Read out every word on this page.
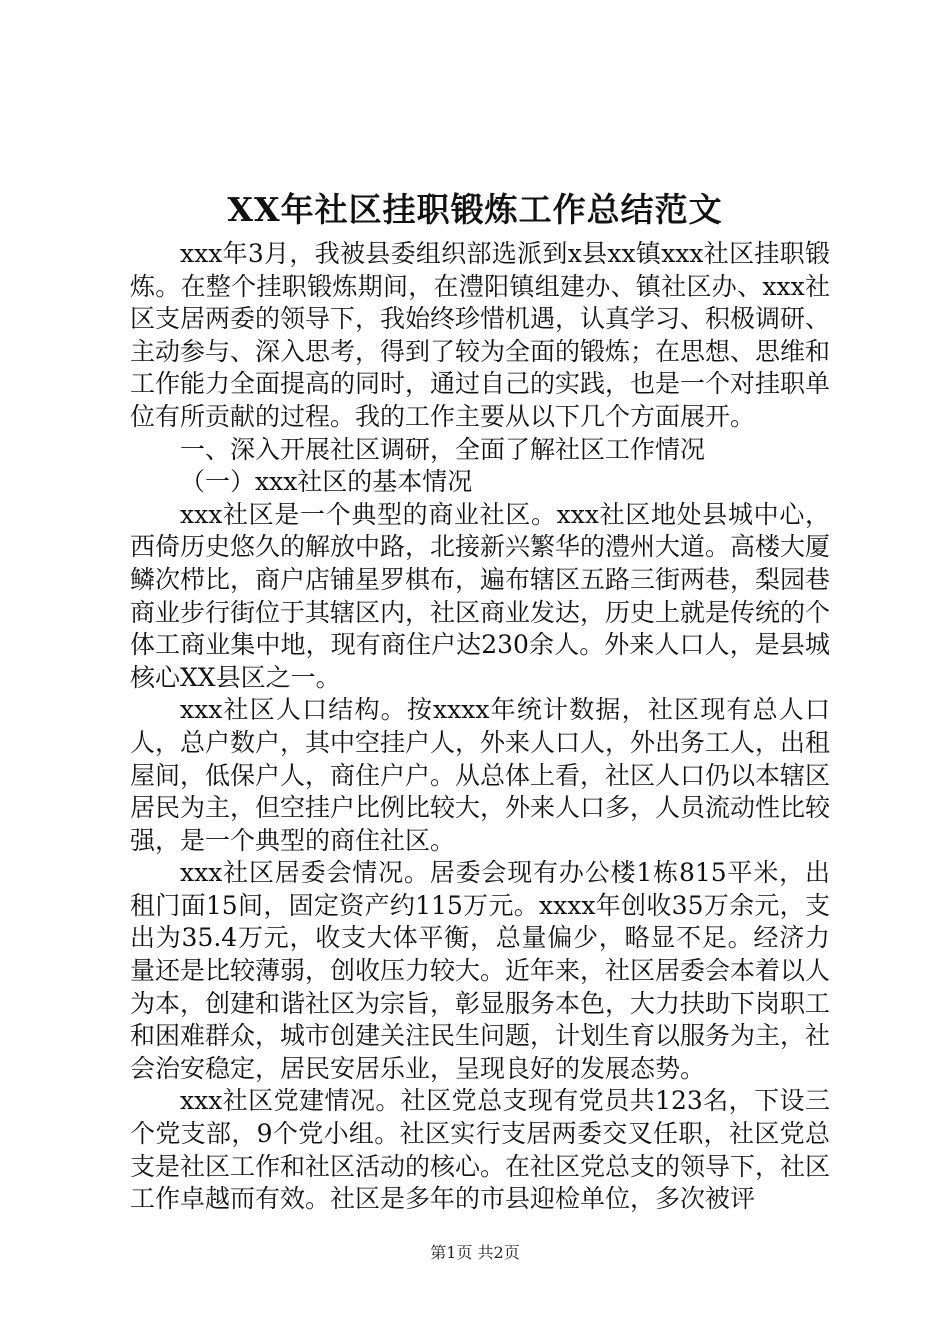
XX年社区挂职锻炼工作总结范文

xxx年3月，我被县委组织部选派到x县xx镇xxx社区挂职锻炼。在整个挂职锻炼期间，在澧阳镇组建办、镇社区办、xxx社区支居两委的领导下，我始终珍惜机遇，认真学习、积极调研、主动参与、深入思考，得到了较为全面的锻炼；在思想、思维和工作能力全面提高的同时，通过自己的实践，也是一个对挂职单位有所贡献的过程。我的工作主要从以下几个方面展开。

一、深入开展社区调研，全面了解社区工作情况

（一）xxx社区的基本情况

xxx社区是一个典型的商业社区。xxx社区地处县城中心，西倚历史悠久的解放中路，北接新兴繁华的澧州大道。高楼大厦鳞次栉比，商户店铺星罗棋布，遍布辖区五路三街两巷，梨园巷商业步行街位于其辖区内，社区商业发达，历史上就是传统的个体工商业集中地，现有商住户达230余人。外来人口人，是县城核心XX县区之一。

xxx社区人口结构。按xxxx年统计数据，社区现有总人口人，总户数户，其中空挂户人，外来人口人，外出务工人，出租屋间，低保户人，商住户户。从总体上看，社区人口仍以本辖区居民为主，但空挂户比例比较大，外来人口多，人员流动性比较强，是一个典型的商住社区。

xxx社区居委会情况。居委会现有办公楼1栋815平米，出租门面15间，固定资产约115万元。xxxx年创收35万余元，支出为35.4万元，收支大体平衡，总量偏少，略显不足。经济力量还是比较薄弱，创收压力较大。近年来，社区居委会本着以人为本，创建和谐社区为宗旨，彰显服务本色，大力扶助下岗职工和困难群众，城市创建关注民生问题，计划生育以服务为主，社会治安稳定，居民安居乐业，呈现良好的发展态势。

xxx社区党建情况。社区党总支现有党员共123名，下设三个党支部，9个党小组。社区实行支居两委交叉任职，社区党总支是社区工作和社区活动的核心。在社区党总支的领导下，社区工作卓越而有效。社区是多年的市县迎检单位，多次被评

第1页 共2页
